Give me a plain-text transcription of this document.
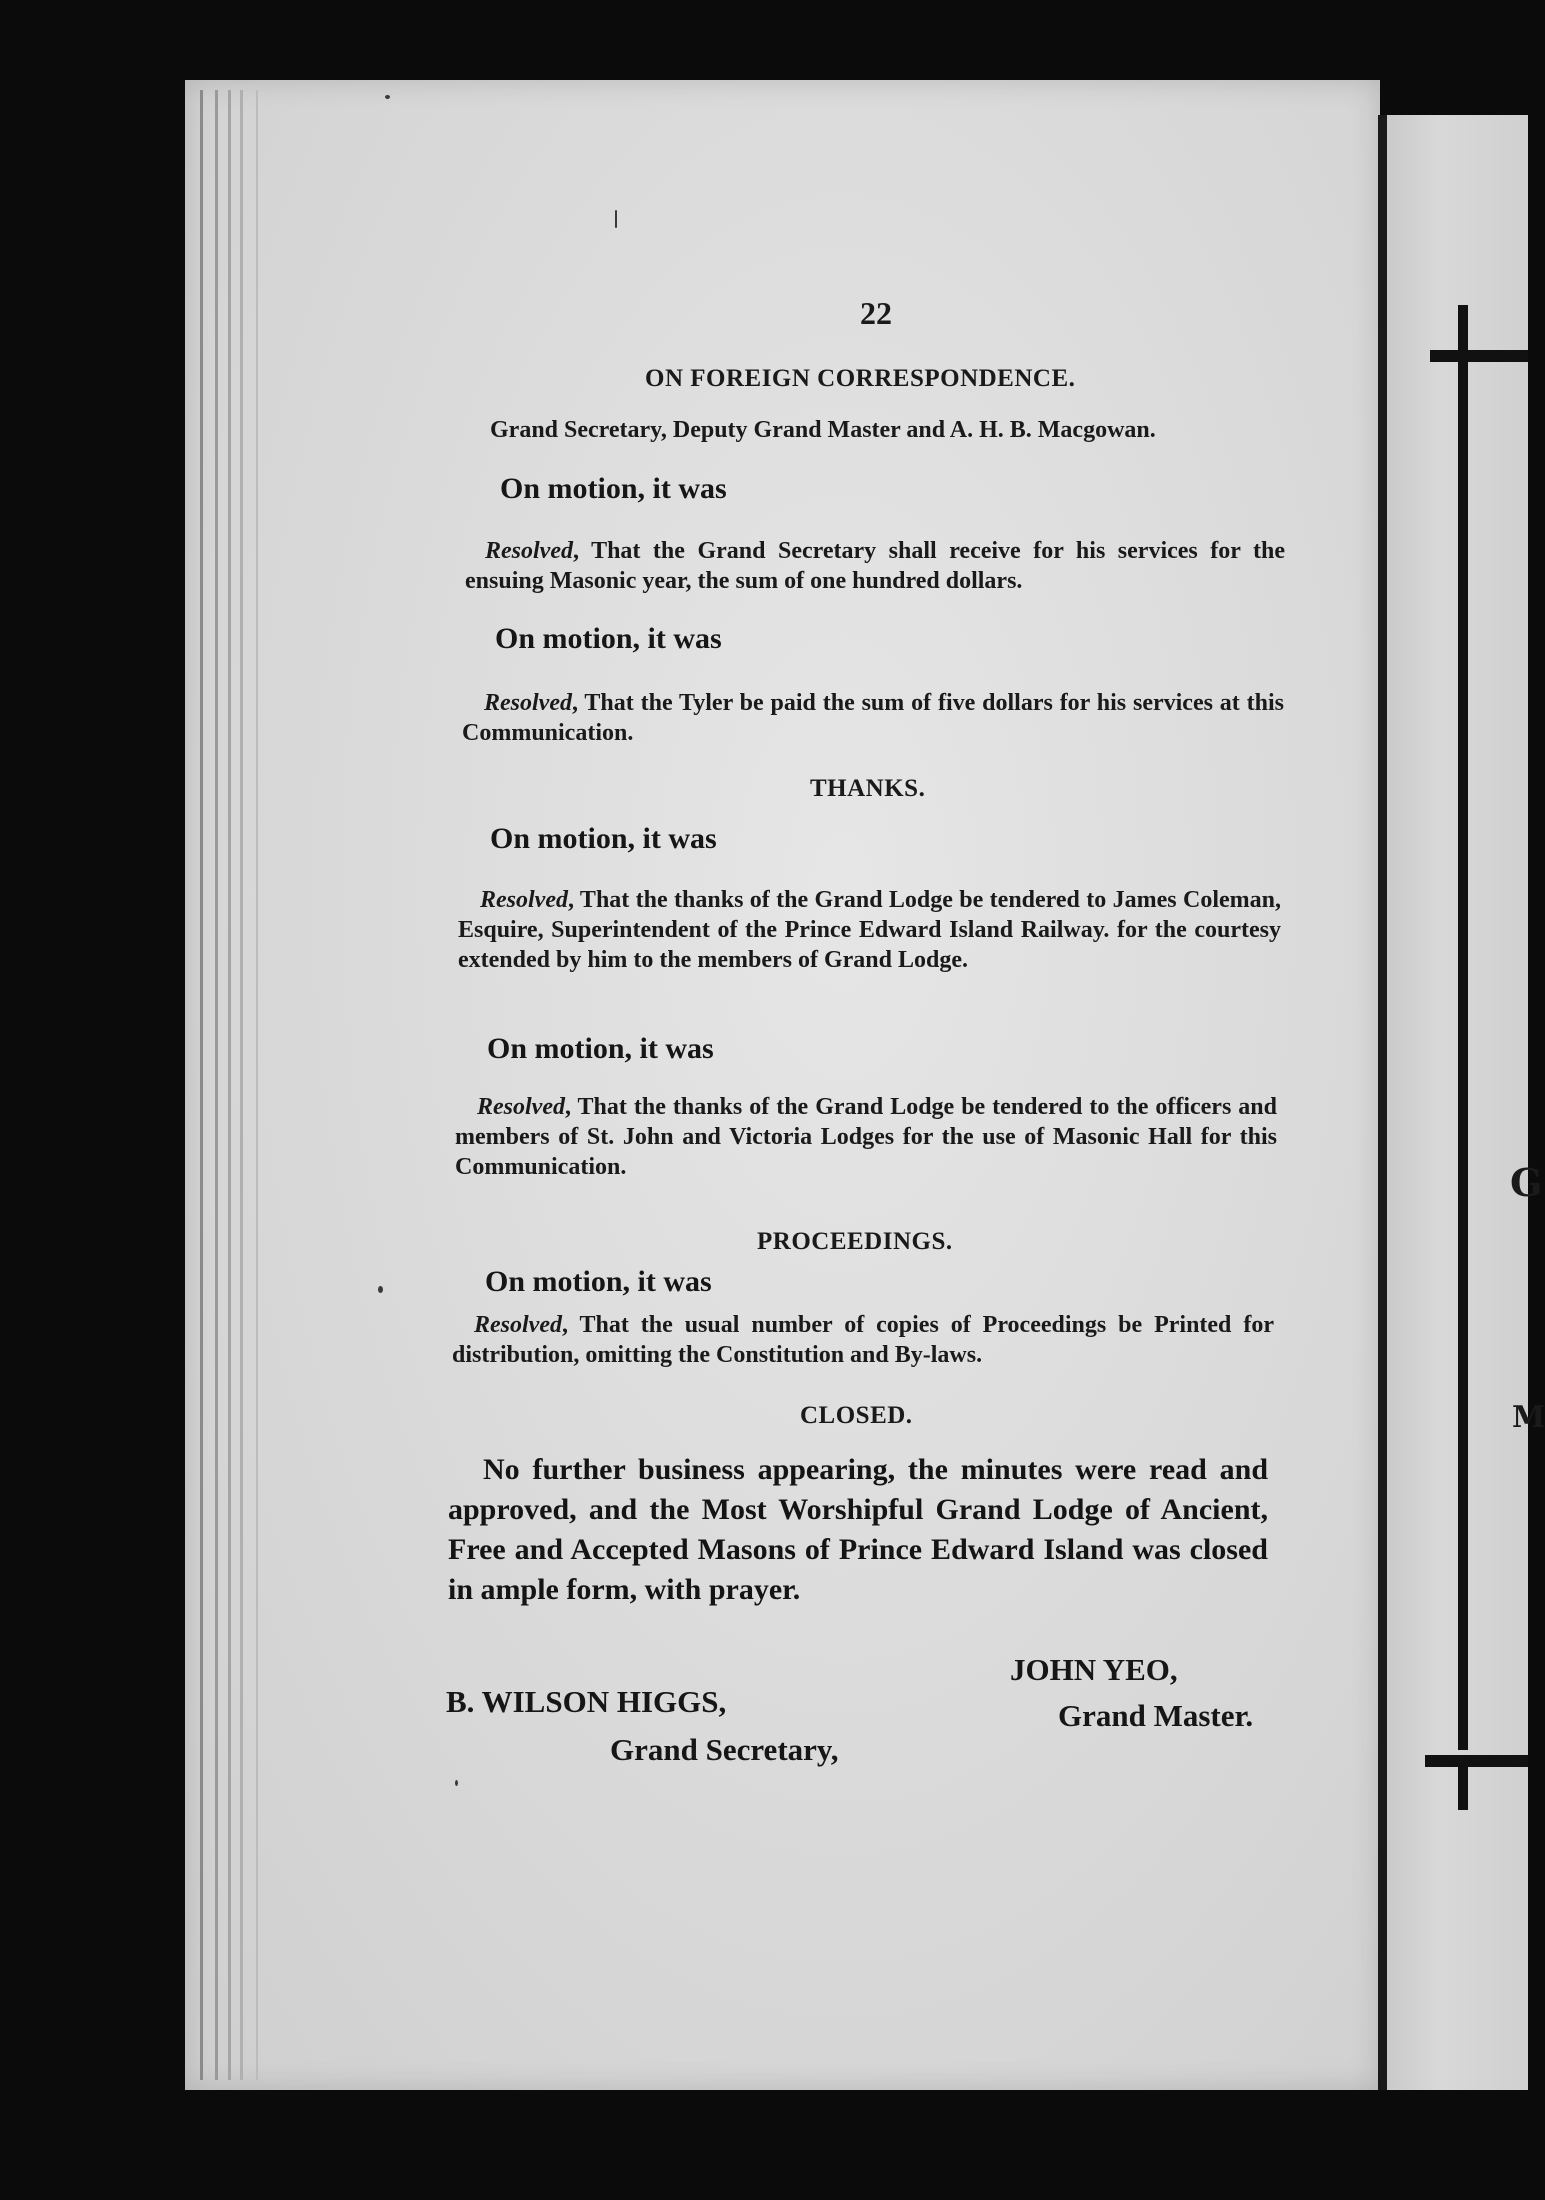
G
M
22
ON FOREIGN CORRESPONDENCE.
Grand Secretary, Deputy Grand Master and A. H. B. Macgowan.
On motion, it was
Resolved, That the Grand Secretary shall receive for his services for the ensuing Masonic year, the sum of one hundred dollars.
On motion, it was
Resolved, That the Tyler be paid the sum of five dollars for his services at this Communication.
THANKS.
On motion, it was
Resolved, That the thanks of the Grand Lodge be tendered to James Coleman, Esquire, Superintendent of the Prince Edward Island Railway. for the courtesy extended by him to the members of Grand Lodge.
On motion, it was
Resolved, That the thanks of the Grand Lodge be tendered to the officers and members of St. John and Victoria Lodges for the use of Masonic Hall for this Communication.
PROCEEDINGS.
On motion, it was
Resolved, That the usual number of copies of Proceedings be Printed for distribution, omitting the Constitution and By-laws.
CLOSED.
No further business appearing, the minutes were read and approved, and the Most Worshipful Grand Lodge of Ancient, Free and Accepted Masons of Prince Edward Island was closed in ample form, with prayer.
JOHN YEO,
Grand Master.
B. WILSON HIGGS,
Grand Secretary,
